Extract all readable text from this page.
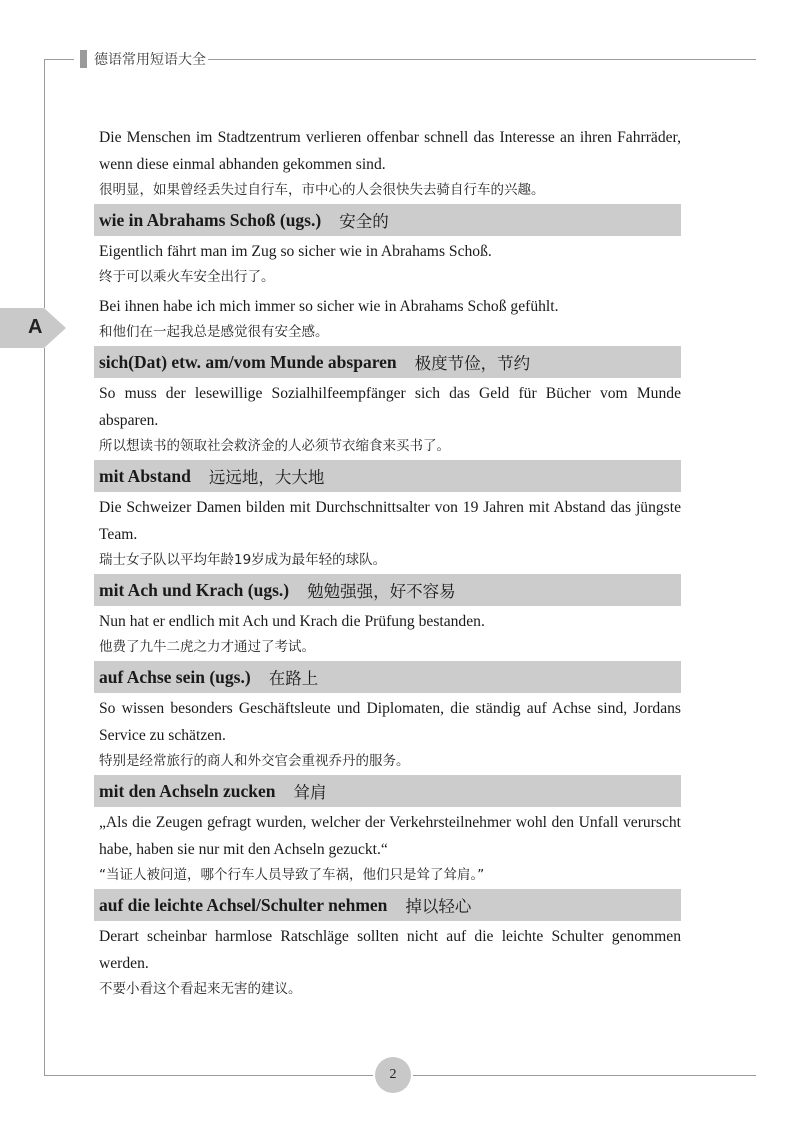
德语常用短语大全
A
Die Menschen im Stadtzentrum verlieren offenbar schnell das Interesse an ihren Fahrräder, wenn diese einmal abhanden gekommen sind.
很明显，如果曾经丢失过自行车，市中心的人会很快失去骑自行车的兴趣。
wie in Abrahams Schoß (ugs.) 安全的
Eigentlich fährt man im Zug so sicher wie in Abrahams Schoß.
终于可以乘火车安全出行了。
Bei ihnen habe ich mich immer so sicher wie in Abrahams Schoß gefühlt.
和他们在一起我总是感觉很有安全感。
sich(Dat) etw. am/vom Munde absparen 极度节俭，节约
So muss der lesewillige Sozialhilfeempfänger sich das Geld für Bücher vom Munde absparen.
所以想读书的领取社会救济金的人必须节衣缩食来买书了。
mit Abstand 远远地，大大地
Die Schweizer Damen bilden mit Durchschnittsalter von 19 Jahren mit Abstand das jüngste Team.
瑞士女子队以平均年龄19岁成为最年轻的球队。
mit Ach und Krach (ugs.) 勉勉强强，好不容易
Nun hat er endlich mit Ach und Krach die Prüfung bestanden.
他费了九牛二虎之力才通过了考试。
auf Achse sein (ugs.) 在路上
So wissen besonders Geschäftsleute und Diplomaten, die ständig auf Achse sind, Jordans Service zu schätzen.
特别是经常旅行的商人和外交官会重视乔丹的服务。
mit den Achseln zucken 耸肩
„Als die Zeugen gefragt wurden, welcher der Verkehrsteilnehmer wohl den Unfall verurscht habe, haben sie nur mit den Achseln gezuckt.“
“当证人被问道，哪个行车人员导致了车祸，他们只是耸了耸肩。”
auf die leichte Achsel/Schulter nehmen 掉以轻心
Derart scheinbar harmlose Ratschläge sollten nicht auf die leichte Schulter genommen werden.
不要小看这个看起来无害的建议。
2
